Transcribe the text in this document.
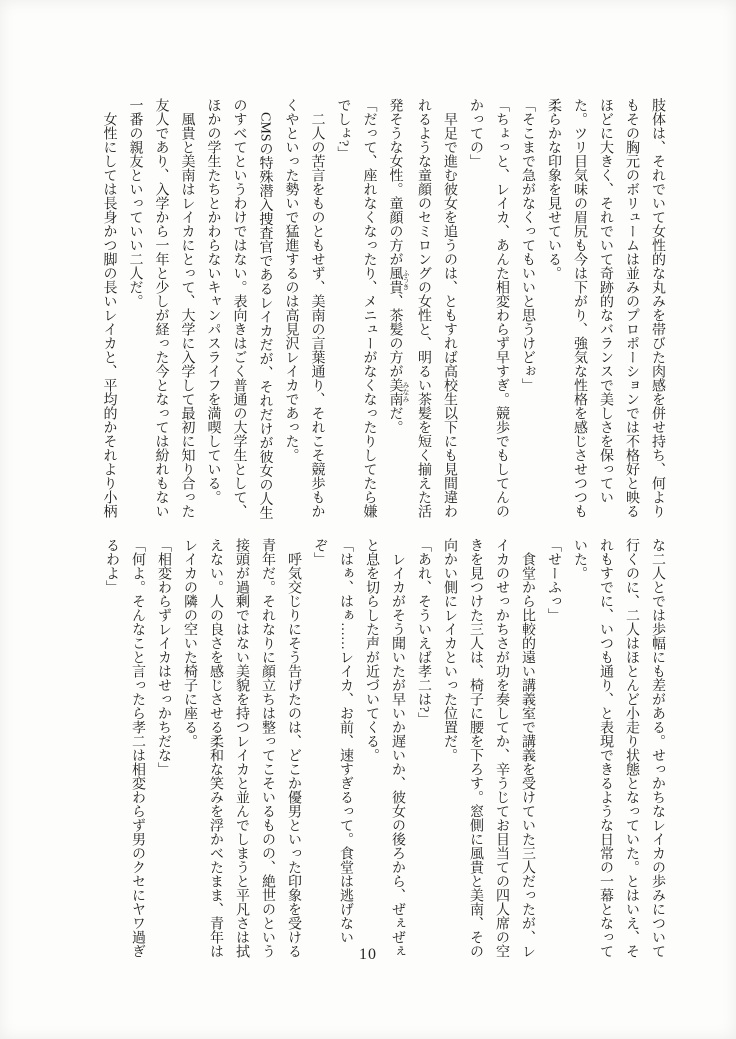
肢体は、それでいて女性的な丸みを帯びた肉感を併せ持ち、何より
もその胸元のボリュームは並みのプロポーションでは不格好と映る
ほどに大きく、それでいて奇跡的なバランスで美しさを保ってい
た。ツリ目気味の眉尻も今は下がり、強気な性格を感じさせつつも
柔らかな印象を見せている。
「そこまで急がなくってもいいと思うけどぉ」
「ちょっと、レイカ、あんた相変わらず早すぎ。競歩でもしてんの
かっての」
早足で進む彼女を追うのは、ともすれば高校生以下にも見間違わ
れるような童顔のセミロングの女性と、明るい茶髪を短く揃えた活
発そうな女性。童顔の方が風貴 ふうき、茶髪の方が美南 みなみだ。
「だって、座れなくなったり、メニューがなくなったりしてたら嫌
でしょ?」
二人の苦言をものともせず、美南の言葉通り、それこそ競歩もか
くやといった勢いで猛進するのは高見沢レイカであった。
CMSの特殊潜入捜査官であるレイカだが、それだけが彼女の人生
のすべてというわけではない。表向きはごく普通の大学生として、
ほかの学生たちとかわらないキャンパスライフを満喫している。
風貴と美南はレイカにとって、大学に入学して最初に知り合った
友人であり、入学から一年と少しが経った今となっては紛れもない
一番の親友といっていい二人だ。
女性にしては長身かつ脚の長いレイカと、平均的かそれより小柄
な二人とでは歩幅にも差がある。せっかちなレイカの歩みについて
行くのに、二人はほとんど小走り状態となっていた。とはいえ、そ
れもすでに、いつも通り、と表現できるような日常の一幕となって
いた。
「せーふっ」
食堂から比較的遠い講義室で講義を受けていた三人だったが、レ
イカのせっかちさが功を奏してか、辛うじてお目当ての四人席の空
きを見つけた三人は、椅子に腰を下ろす。窓側に風貴と美南、その
向かい側にレイカといった位置だ。
「あれ、そういえば孝二は?」
レイカがそう聞いたが早いか遅いか、彼女の後ろから、ぜぇぜぇ
と息を切らした声が近づいてくる。
「はぁ、はぁ……レイカ、お前、速すぎるって。食堂は逃げない
ぞ」
呼気交じりにそう告げたのは、どこか優男といった印象を受ける
青年だ。それなりに顔立ちは整ってこそいるものの、絶世のという
接頭が過剰ではない美貌を持つレイカと並んでしまうと平凡さは拭
えない。人の良さを感じさせる柔和な笑みを浮かべたまま、青年は
レイカの隣の空いた椅子に座る。
「相変わらずレイカはせっかちだな」
「何よ。そんなこと言ったら孝二は相変わらず男のクセにヤワ過ぎ
るわよ」
10
